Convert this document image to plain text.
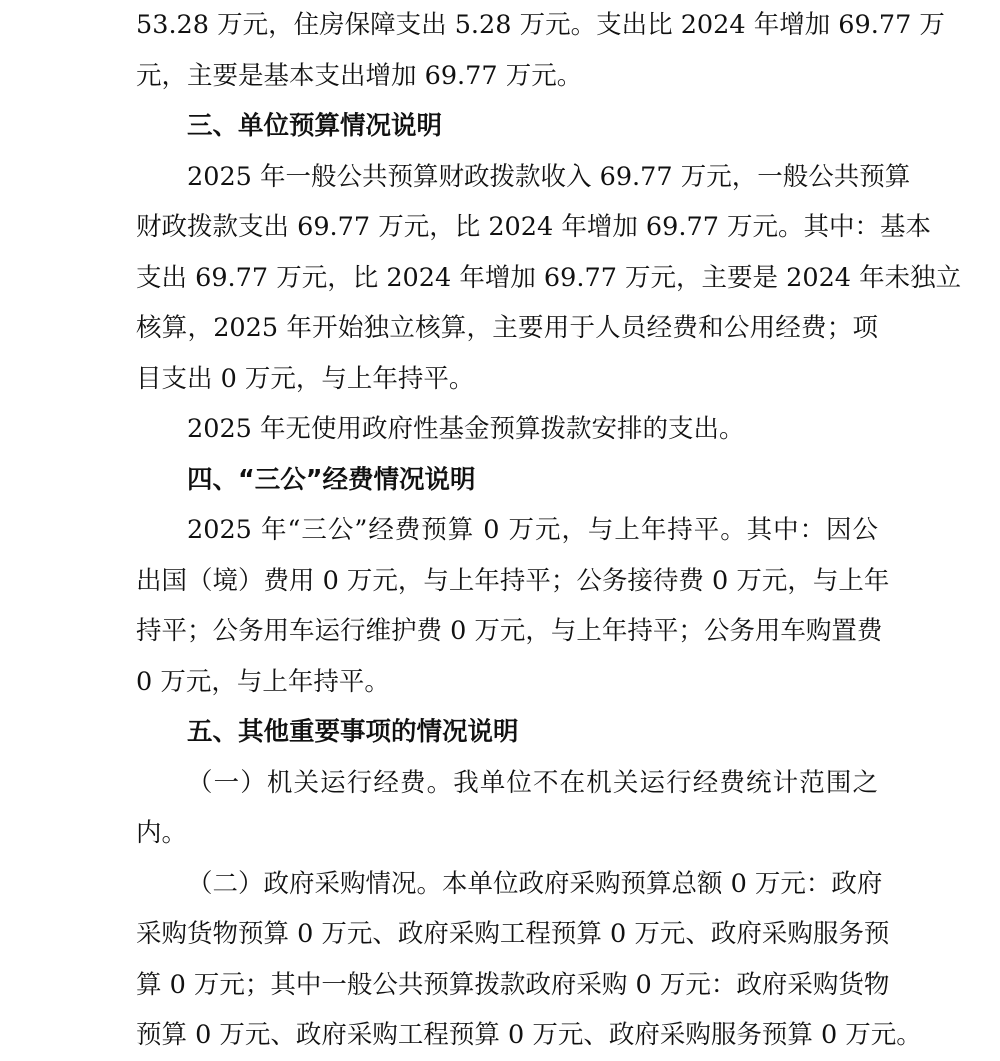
53.28 万元，住房保障支出 5.28 万元。支出比 2024 年增加 69.77 万
元，主要是基本支出增加 69.77 万元。
三、单位预算情况说明
2025 年一般公共预算财政拨款收入 69.77 万元，一般公共预算
财政拨款支出 69.77 万元，比 2024 年增加 69.77 万元。其中：基本
支出 69.77 万元，比 2024 年增加 69.77 万元，主要是 2024 年未独立
核算，2025 年开始独立核算，主要用于人员经费和公用经费；项
目支出 0 万元，与上年持平。
2025 年无使用政府性基金预算拨款安排的支出。
四、“三公”经费情况说明
2025 年“三公”经费预算 0 万元，与上年持平。其中：因公
出国（境）费用 0 万元，与上年持平；公务接待费 0 万元，与上年
持平；公务用车运行维护费 0 万元，与上年持平；公务用车购置费
0 万元，与上年持平。
五、其他重要事项的情况说明
（一）机关运行经费。我单位不在机关运行经费统计范围之
内。
（二）政府采购情况。本单位政府采购预算总额 0 万元：政府
采购货物预算 0 万元、政府采购工程预算 0 万元、政府采购服务预
算 0 万元；其中一般公共预算拨款政府采购 0 万元：政府采购货物
预算 0 万元、政府采购工程预算 0 万元、政府采购服务预算 0 万元。
